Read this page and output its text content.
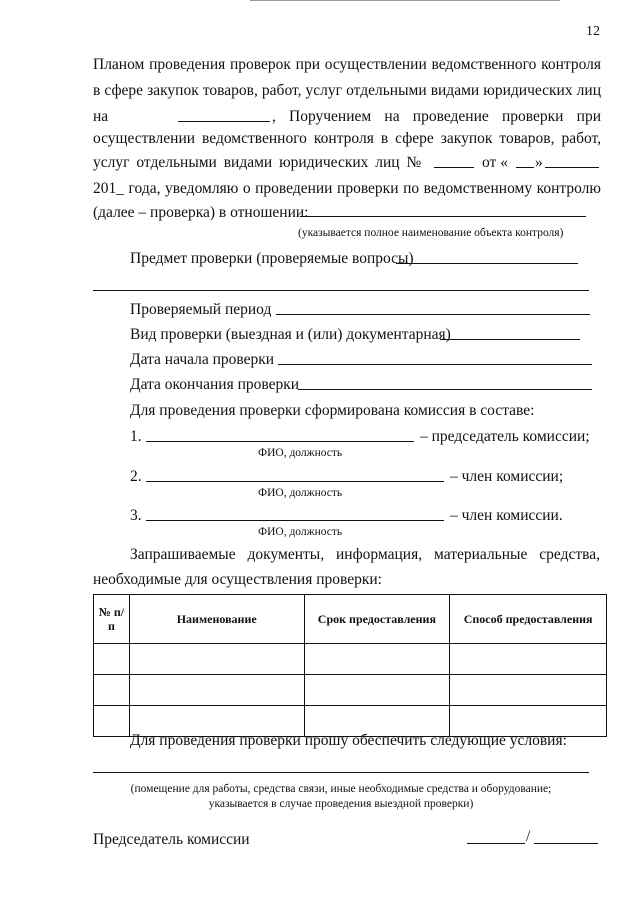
12
Планом проведения проверок при осуществлении ведомственного контроля
в сфере закупок товаров, работ, услуг отдельными видами юридических лиц
на	, Поручением на проведение проверки при
осуществлении ведомственного контроля в сфере закупок товаров, работ,
услуг отдельными видами юридических лиц №	от « »
201_ года, уведомляю о проведении проверки по ведомственному контролю
(далее – проверка) в отношении:
(указывается полное наименование объекта контроля)
Предмет проверки (проверяемые вопросы)
Проверяемый период
Вид проверки (выездная и (или) документарная)
Дата начала проверки
Дата окончания проверки
Для проведения проверки сформирована комиссия в составе:
1.	– председатель комиссии;
ФИО, должность
2.	– член комиссии;
ФИО, должность
3.	– член комиссии.
ФИО, должность
Запрашиваемые документы, информация, материальные средства,
необходимые для осуществления проверки:
№ п/п	Наименование	Срок предоставления	Способ предоставления

Для проведения проверки прошу обеспечить следующие условия:
(помещение для работы, средства связи, иные необходимые средства и оборудование;
указывается в случае проведения выездной проверки)
Председатель комиссии	/
